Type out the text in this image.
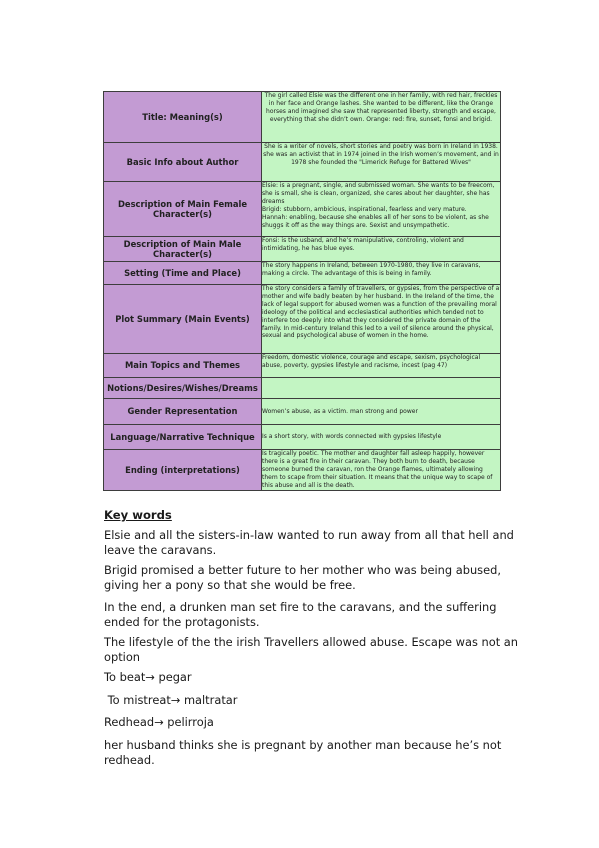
Title: Meaning(s)	The girl called Elsie was the different one in her family, with red hair, freckles in her face and Orange lashes. She wanted to be different, like the Orange horses and imagined she saw that represented liberty, strength and escape, everything that she didn’t own. Orange: red: fire, sunset, fonsi and brigid.
Basic Info about Author	She is a writer of novels, short stories and poetry was born in Ireland in 1938. she was an activist that in 1974 joined in the Irish women’s movement, and in 1978 she founded the "Limerick Refuge for Battered Wives"
Description of Main Female Character(s)	Elsie: is a pregnant, single, and submissed woman. She wants to be freecom, she is small, she is clean, organized, she cares about her daughter, she has dreams
Brigid: stubborn, ambicious, inspirational, fearless and very mature.
Hannah: enabling, because she enables all of her sons to be violent, as she shuggs it off as the way things are. Sexist and unsympathetic.
Description of Main Male Character(s)	Fonsi: is the usband, and he’s manipulative, controling, violent and intimidating, he has blue eyes.
Setting (Time and Place)	The story happens in Ireland, between 1970-1980, they live in caravans, making a circle. The advantage of this is being in family.
Plot Summary (Main Events)	The story considers a family of travellers, or gypsies, from the perspective of a mother and wife badly beaten by her husband. In the Ireland of the time, the lack of legal support for abused women was a function of the prevailing moral ideology of the political and ecclesiastical authorities which tended not to interfere too deeply into what they considered the private domain of the family. In mid-century Ireland this led to a veil of silence around the physical, sexual and psychological abuse of women in the home.
Main Topics and Themes	Freedom, domestic violence, courage and escape, sexism, psychological abuse, poverty, gypsies lifestyle and racisme, incest (pag 47)
Notions/Desires/Wishes/Dreams	
Gender Representation	Women’s abuse, as a victim. man strong and power
Language/Narrative Technique	Is a short story, with words connected with gypsies lifestyle
Ending (interpretations)	Is tragically poetic. The mother and daughter fall asleep happily, however there is a great fire in their caravan. They both burn to death, because someone burned the caravan, ron the Orange flames, ultimately allowing them to scape from their situation. It means that the unique way to scape of this abuse and all is the death.

Key words

Elsie and all the sisters-in-law wanted to run away from all that hell and leave the caravans.

Brigid promised a better future to her mother who was being abused, giving her a pony so that she would be free.

In the end, a drunken man set fire to the caravans, and the suffering ended for the protagonists.

The lifestyle of the the irish Travellers allowed abuse. Escape was not an option

To beat→ pegar

To mistreat→ maltratar

Redhead→ pelirroja

her husband thinks she is pregnant by another man because he’s not redhead.
